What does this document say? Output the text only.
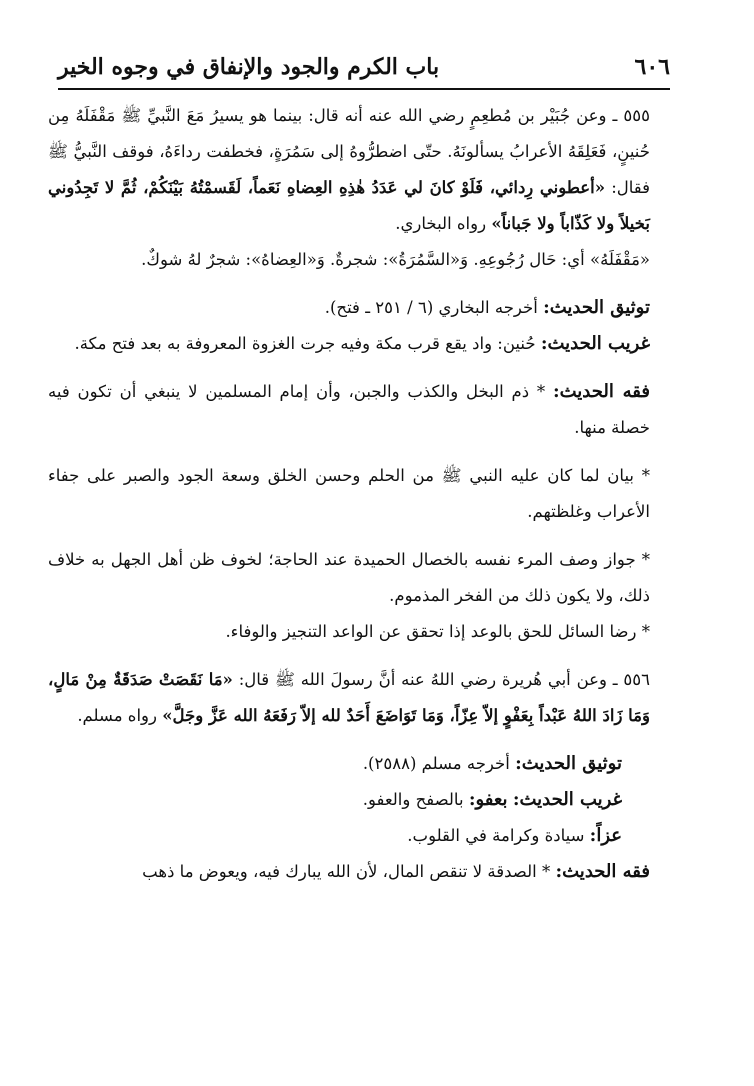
٦٠٦
باب الكرم والجود والإنفاق في وجوه الخير

٥٥٥ ـ وعن جُبَيْر بن مُطعِمٍ رضي الله عنه أنه قال: بينما هو يسيرُ مَعَ النَّبيِّ ﷺ مَقْفَلَهُ مِن حُنينٍ، فَعَلِقَهُ الأعرابُ يسألونَهُ. حتّى اضطرُّوهُ إلى سَمُرَةٍ، فخطفت رداءَهُ، فوقف النَّبيُّ ﷺ فقال: «أعطوني رِدائي، فَلَوْ كانَ لي عَدَدُ هٰذِهِ العِضاهِ نَعَماً، لَقَسمْتُهُ بَيْنَكُمْ، ثُمَّ لا تَجِدُوني بَخيلاً ولا كَذّاباً ولا جَباناً» رواه البخاري.

«مَقْفَلَهُ» أي: حَال رُجُوعِهِ. وَ«السَّمُرَةُ»: شجرةٌ. وَ«العِضاهُ»: شجرٌ لهُ شوكٌ.

توثيق الحديث: أخرجه البخاري (٦ / ٢٥١ ـ فتح).

غريب الحديث: حُنين: واد يقع قرب مكة وفيه جرت الغزوة المعروفة به بعد فتح مكة.

فقه الحديث: * ذم البخل والكذب والجبن، وأن إمام المسلمين لا ينبغي أن تكون فيه خصلة منها.

* بيان لما كان عليه النبي ﷺ من الحلم وحسن الخلق وسعة الجود والصبر على جفاء الأعراب وغلظتهم.

* جواز وصف المرء نفسه بالخصال الحميدة عند الحاجة؛ لخوف ظن أهل الجهل به خلاف ذلك، ولا يكون ذلك من الفخر المذموم.

* رضا السائل للحق بالوعد إذا تحقق عن الواعد التنجيز والوفاء.

٥٥٦ ـ وعن أبي هُريرة رضي اللهُ عنه أنَّ رسولَ الله ﷺ قال: «مَا نَقَصَتْ صَدَقَةٌ مِنْ مَالٍ، وَمَا زَادَ اللهُ عَبْداً بِعَفْوٍ إلاّ عِزّاً، وَمَا تَوَاضَعَ أَحَدٌ لله إلاّ رَفَعَهُ الله عَزَّ وجَلَّ» رواه مسلم.

توثيق الحديث: أخرجه مسلم (٢٥٨٨).

غريب الحديث: بعفو: بالصفح والعفو.

عزاً: سيادة وكرامة في القلوب.

فقه الحديث: * الصدقة لا تنقص المال، لأن الله يبارك فيه، ويعوض ما ذهب
